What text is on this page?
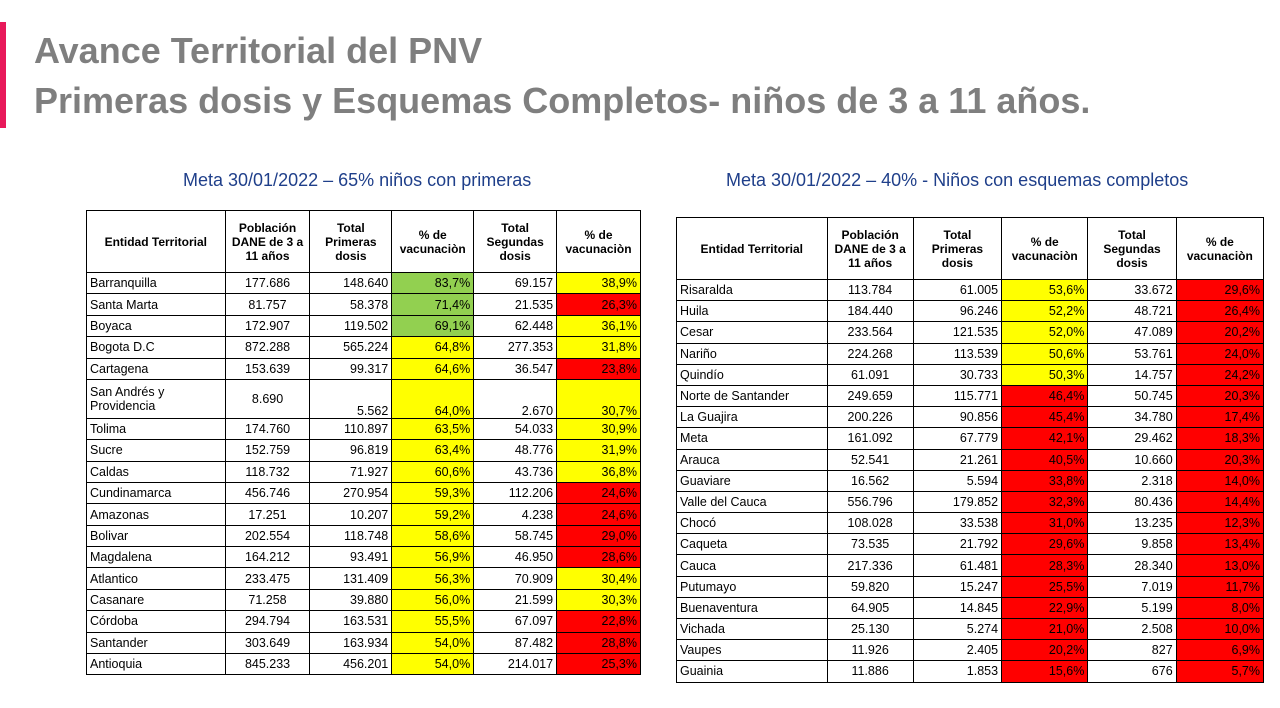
Avance Territorial del PNV
Primeras dosis y Esquemas Completos- niños de 3 a 11 años.
Meta 30/01/2022 – 65% niños con primeras	Meta 30/01/2022 – 40% - Niños con esquemas completos
Entidad Territorial	Población DANE de 3 a 11 años	Total Primeras dosis	% de vacunaciòn	Total Segundas dosis	% de vacunaciòn
Barranquilla	177.686	148.640	83,7%	69.157	38,9%
Santa Marta	81.757	58.378	71,4%	21.535	26,3%
Boyaca	172.907	119.502	69,1%	62.448	36,1%
Bogota D.C	872.288	565.224	64,8%	277.353	31,8%
Cartagena	153.639	99.317	64,6%	36.547	23,8%
San Andrés y Providencia	8.690	5.562	64,0%	2.670	30,7%
Tolima	174.760	110.897	63,5%	54.033	30,9%
Sucre	152.759	96.819	63,4%	48.776	31,9%
Caldas	118.732	71.927	60,6%	43.736	36,8%
Cundinamarca	456.746	270.954	59,3%	112.206	24,6%
Amazonas	17.251	10.207	59,2%	4.238	24,6%
Bolivar	202.554	118.748	58,6%	58.745	29,0%
Magdalena	164.212	93.491	56,9%	46.950	28,6%
Atlantico	233.475	131.409	56,3%	70.909	30,4%
Casanare	71.258	39.880	56,0%	21.599	30,3%
Córdoba	294.794	163.531	55,5%	67.097	22,8%
Santander	303.649	163.934	54,0%	87.482	28,8%
Antioquia	845.233	456.201	54,0%	214.017	25,3%
Entidad Territorial	Población DANE de 3 a 11 años	Total Primeras dosis	% de vacunaciòn	Total Segundas dosis	% de vacunaciòn
Risaralda	113.784	61.005	53,6%	33.672	29,6%
Huila	184.440	96.246	52,2%	48.721	26,4%
Cesar	233.564	121.535	52,0%	47.089	20,2%
Nariño	224.268	113.539	50,6%	53.761	24,0%
Quindío	61.091	30.733	50,3%	14.757	24,2%
Norte de Santander	249.659	115.771	46,4%	50.745	20,3%
La Guajira	200.226	90.856	45,4%	34.780	17,4%
Meta	161.092	67.779	42,1%	29.462	18,3%
Arauca	52.541	21.261	40,5%	10.660	20,3%
Guaviare	16.562	5.594	33,8%	2.318	14,0%
Valle del Cauca	556.796	179.852	32,3%	80.436	14,4%
Chocó	108.028	33.538	31,0%	13.235	12,3%
Caqueta	73.535	21.792	29,6%	9.858	13,4%
Cauca	217.336	61.481	28,3%	28.340	13,0%
Putumayo	59.820	15.247	25,5%	7.019	11,7%
Buenaventura	64.905	14.845	22,9%	5.199	8,0%
Vichada	25.130	5.274	21,0%	2.508	10,0%
Vaupes	11.926	2.405	20,2%	827	6,9%
Guainia	11.886	1.853	15,6%	676	5,7%
